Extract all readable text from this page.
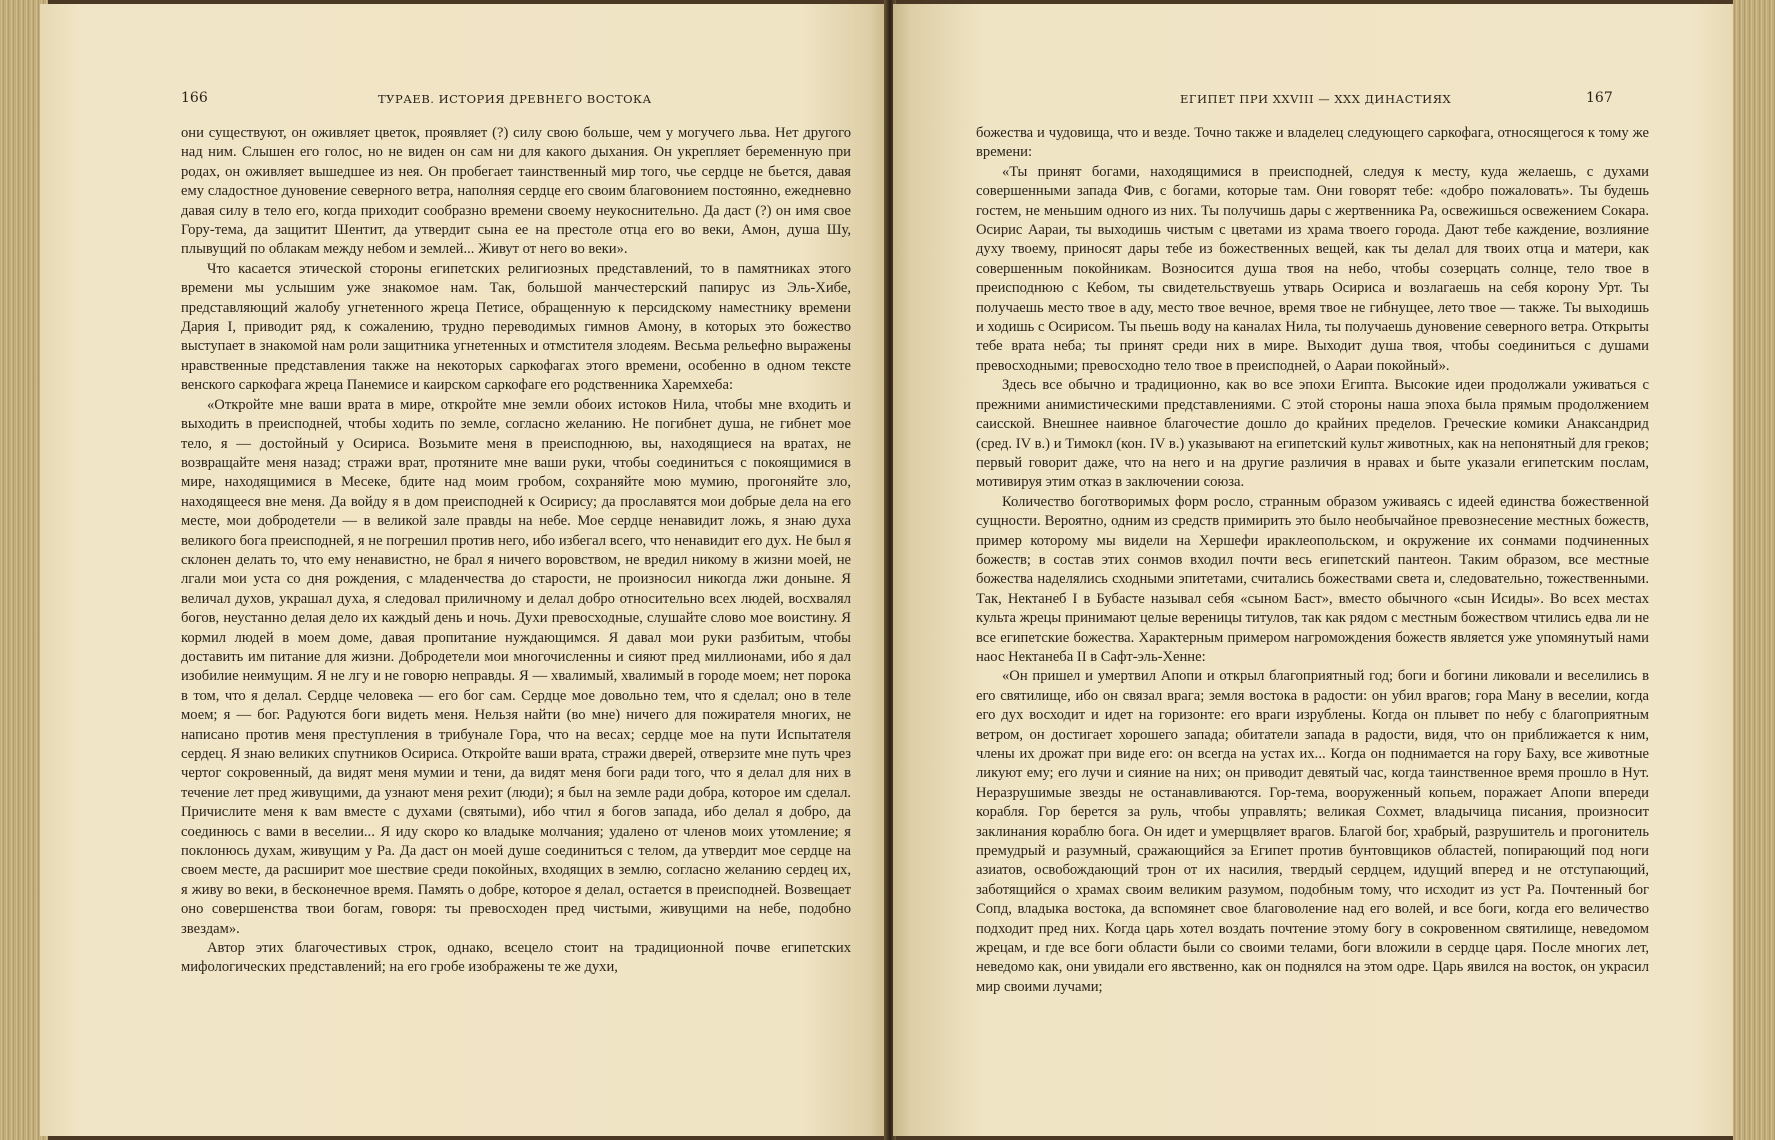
166	ТУРАЕВ. ИСТОРИЯ ДРЕВНЕГО ВОСТОКА

они существуют, он оживляет цветок, проявляет (?) силу свою больше, чем у могучего льва. Нет другого над ним. Слышен его голос, но не виден он сам ни для какого дыхания. Он укрепляет беременную при родах, он оживляет вышедшее из нея. Он пробегает таинственный мир того, чье сердце не бьется, давая ему сладостное дуновение северного ветра, наполняя сердце его своим благовонием постоянно, ежедневно давая силу в тело его, когда приходит сообразно времени своему неукоснительно. Да даст (?) он имя свое Гору-тема, да защитит Шентит, да утвердит сына ее на престоле отца его во веки, Амон, душа Шу, плывущий по облакам между небом и землей... Живут от него во веки».

Что касается этической стороны египетских религиозных представлений, то в памятниках этого времени мы услышим уже знакомое нам. Так, большой манчестерский папирус из Эль-Хибе, представляющий жалобу угнетенного жреца Петисе, обращенную к персидскому наместнику времени Дария I, приводит ряд, к сожалению, трудно переводимых гимнов Амону, в которых это божество выступает в знакомой нам роли защитника угнетенных и отмстителя злодеям. Весьма рельефно выражены нравственные представления также на некоторых саркофагах этого времени, особенно в одном тексте венского саркофага жреца Панемисе и каирском саркофаге его родственника Харемхеба:

«Откройте мне ваши врата в мире, откройте мне земли обоих истоков Нила, чтобы мне входить и выходить в преисподней, чтобы ходить по земле, согласно желанию. Не погибнет душа, не гибнет мое тело, я — достойный у Осириса. Возьмите меня в преисподнюю, вы, находящиеся на вратах, не возвращайте меня назад; стражи врат, протяните мне ваши руки, чтобы соединиться с покоящимися в мире, находящимися в Месеке, бдите над моим гробом, сохраняйте мою мумию, прогоняйте зло, находящееся вне меня. Да войду я в дом преисподней к Осирису; да прославятся мои добрые дела на его месте, мои добродетели — в великой зале правды на небе. Мое сердце ненавидит ложь, я знаю духа великого бога преисподней, я не погрешил против него, ибо избегал всего, что ненавидит его дух. Не был я склонен делать то, что ему ненавистно, не брал я ничего воровством, не вредил никому в жизни моей, не лгали мои уста со дня рождения, с младенчества до старости, не произносил никогда лжи доныне. Я величал духов, украшал духа, я следовал приличному и делал добро относительно всех людей, восхвалял богов, неустанно делая дело их каждый день и ночь. Духи превосходные, слушайте слово мое воистину. Я кормил людей в моем доме, давая пропитание нуждающимся. Я давал мои руки разбитым, чтобы доставить им питание для жизни. Добродетели мои многочисленны и сияют пред миллионами, ибо я дал изобилие неимущим. Я не лгу и не говорю неправды. Я — хвалимый, хвалимый в городе моем; нет порока в том, что я делал. Сердце человека — его бог сам. Сердце мое довольно тем, что я сделал; оно в теле моем; я — бог. Радуются боги видеть меня. Нельзя найти (во мне) ничего для пожирателя многих, не написано против меня преступления в трибунале Гора, что на весах; сердце мое на пути Испытателя сердец. Я знаю великих спутников Осириса. Откройте ваши врата, стражи дверей, отверзите мне путь чрез чертог сокровенный, да видят меня мумии и тени, да видят меня боги ради того, что я делал для них в течение лет пред живущими, да узнают меня рехит (люди); я был на земле ради добра, которое им сделал. Причислите меня к вам вместе с духами (святыми), ибо чтил я богов запада, ибо делал я добро, да соединюсь с вами в веселии... Я иду скоро ко владыке молчания; удалено от членов моих утомление; я поклонюсь духам, живущим у Ра. Да даст он моей душе соединиться с телом, да утвердит мое сердце на своем месте, да расширит мое шествие среди покойных, входящих в землю, согласно желанию сердец их, я живу во веки, в бесконечное время. Память о добре, которое я делал, остается в преисподней. Возвещает оно совершенства твои богам, говоря: ты превосходен пред чистыми, живущими на небе, подобно звездам».

Автор этих благочестивых строк, однако, всецело стоит на традиционной почве египетских мифологических представлений; на его гробе изображены те же духи,

ЕГИПЕТ ПРИ XXVIII — XXX ДИНАСТИЯХ	167

божества и чудовища, что и везде. Точно также и владелец следующего саркофага, относящегося к тому же времени:

«Ты принят богами, находящимися в преисподней, следуя к месту, куда желаешь, с духами совершенными запада Фив, с богами, которые там. Они говорят тебе: «добро пожаловать». Ты будешь гостем, не меньшим одного из них. Ты получишь дары с жертвенника Ра, освежишься освежением Сокара. Осирис Аараи, ты выходишь чистым с цветами из храма твоего города. Дают тебе каждение, возлияние духу твоему, приносят дары тебе из божественных вещей, как ты делал для твоих отца и матери, как совершенным покойникам. Возносится душа твоя на небо, чтобы созерцать солнце, тело твое в преисподнюю с Кебом, ты свидетельствуешь утварь Осириса и возлагаешь на себя корону Урт. Ты получаешь место твое в аду, место твое вечное, время твое не гибнущее, лето твое — также. Ты выходишь и ходишь с Осирисом. Ты пьешь воду на каналах Нила, ты получаешь дуновение северного ветра. Открыты тебе врата неба; ты принят среди них в мире. Выходит душа твоя, чтобы соединиться с душами превосходными; превосходно тело твое в преисподней, о Аараи покойный».

Здесь все обычно и традиционно, как во все эпохи Египта. Высокие идеи продолжали уживаться с прежними анимистическими представлениями. С этой стороны наша эпоха была прямым продолжением саисской. Внешнее наивное благочестие дошло до крайних пределов. Греческие комики Анаксандрид (сред. IV в.) и Тимокл (кон. IV в.) указывают на египетский культ животных, как на непонятный для греков; первый говорит даже, что на него и на другие различия в нравах и быте указали египетским послам, мотивируя этим отказ в заключении союза.

Количество боготворимых форм росло, странным образом уживаясь с идеей единства божественной сущности. Вероятно, одним из средств примирить это было необычайное превознесение местных божеств, пример которому мы видели на Хершефи ираклеопольском, и окружение их сонмами подчиненных божеств; в состав этих сонмов входил почти весь египетский пантеон. Таким образом, все местные божества наделялись сходными эпитетами, считались божествами света и, следовательно, тожественными. Так, Нектанеб I в Бубасте называл себя «сыном Баст», вместо обычного «сын Исиды». Во всех местах культа жрецы принимают целые вереницы титулов, так как рядом с местным божеством чтились едва ли не все египетские божества. Характерным примером нагромождения божеств является уже упомянутый нами наос Нектанеба II в Сафт-эль-Хенне:

«Он пришел и умертвил Апопи и открыл благоприятный год; боги и богини ликовали и веселились в его святилище, ибо он связал врага; земля востока в радости: он убил врагов; гора Ману в веселии, когда его дух восходит и идет на горизонте: его враги изрублены. Когда он плывет по небу с благоприятным ветром, он достигает хорошего запада; обитатели запада в радости, видя, что он приближается к ним, члены их дрожат при виде его: он всегда на устах их... Когда он поднимается на гору Баху, все животные ликуют ему; его лучи и сияние на них; он приводит девятый час, когда таинственное время прошло в Нут. Неразрушимые звезды не останавливаются. Гор-тема, вооруженный копьем, поражает Апопи впереди корабля. Гор берется за руль, чтобы управлять; великая Сохмет, владычица писания, произносит заклинания кораблю бога. Он идет и умерщвляет врагов. Благой бог, храбрый, разрушитель и прогонитель премудрый и разумный, сражающийся за Египет против бунтовщиков областей, попирающий под ноги азиатов, освобождающий трон от их насилия, твердый сердцем, идущий вперед и не отступающий, заботящийся о храмах своим великим разумом, подобным тому, что исходит из уст Ра. Почтенный бог Сопд, владыка востока, да вспомянет свое благоволение над его волей, и все боги, когда его величество подходит пред них. Когда царь хотел воздать почтение этому богу в сокровенном святилище, неведомом жрецам, и где все боги области были со своими телами, боги вложили в сердце царя. После многих лет, неведомо как, они увидали его явственно, как он поднялся на этом одре. Царь явился на восток, он украсил мир своими лучами;
